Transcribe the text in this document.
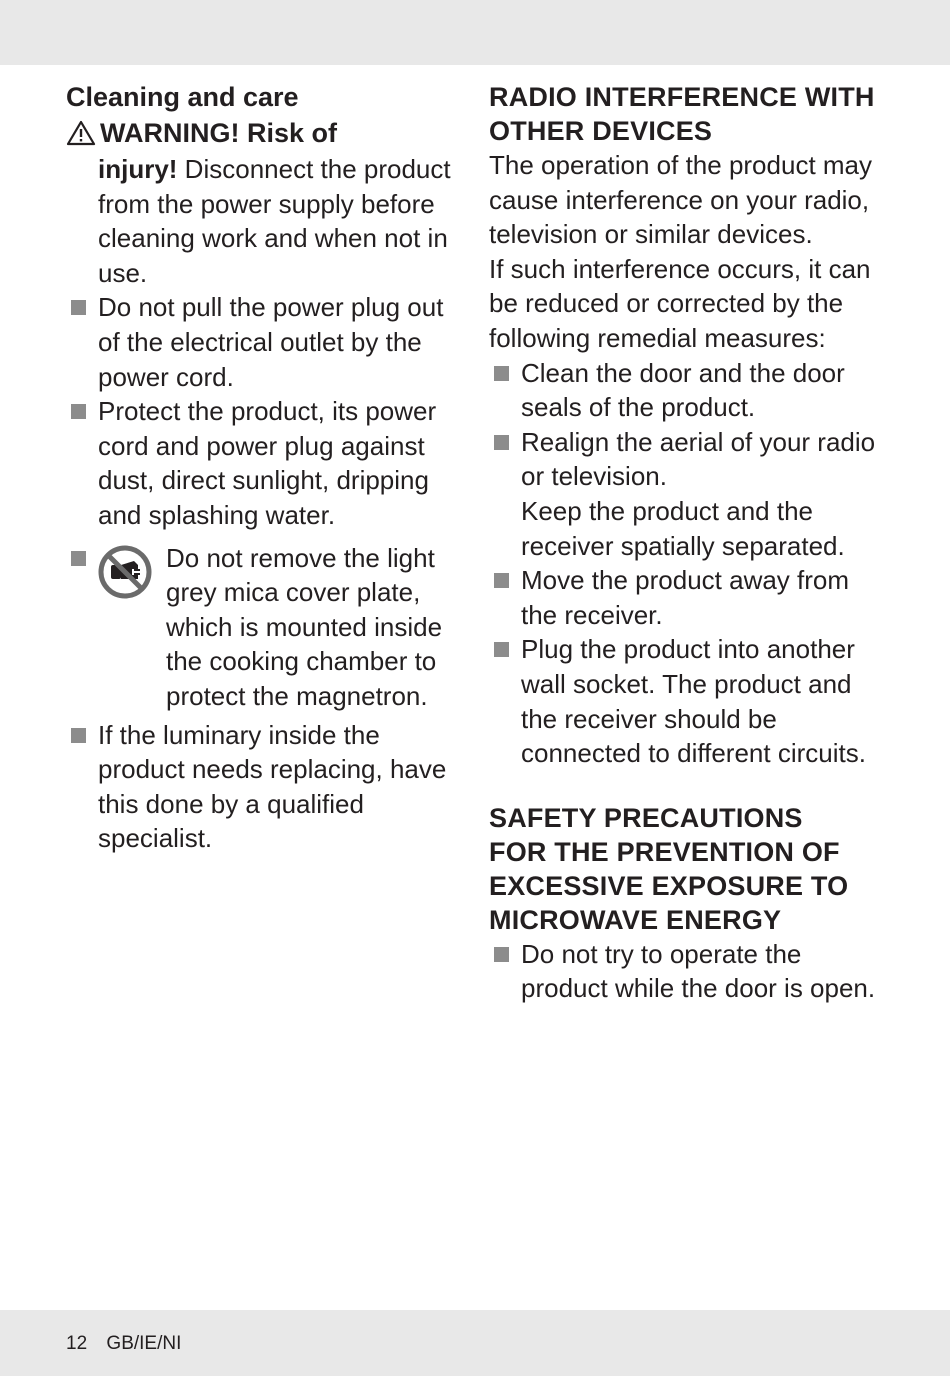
Cleaning and care
WARNING! Risk of

injury! Disconnect the product from the power supply before cleaning work and when not in use.

Do not pull the power plug out of the electrical outlet by the power cord.
Protect the product, its power cord and power plug against dust, direct sunlight, dripping and splashing water.
Do not remove the light grey mica cover plate, which is mounted inside the cooking chamber to protect the magnetron.
If the luminary inside the product needs replacing, have this done by a qualified specialist.
RADIO INTERFERENCE WITH
OTHER DEVICES

The operation of the product may cause interference on your radio, television or similar devices.

If such interference occurs, it can be reduced or corrected by the following remedial measures:

Clean the door and the door seals of the product.
Realign the aerial of your radio or television.
Keep the product and the receiver spatially separated.
Move the product away from the receiver.
Plug the product into another wall socket. The product and the receiver should be connected to different circuits.
SAFETY PRECAUTIONS
FOR THE PREVENTION OF
EXCESSIVE EXPOSURE TO
MICROWAVE ENERGY
Do not try to operate the product while the door is open.
12 GB/IE/NI
